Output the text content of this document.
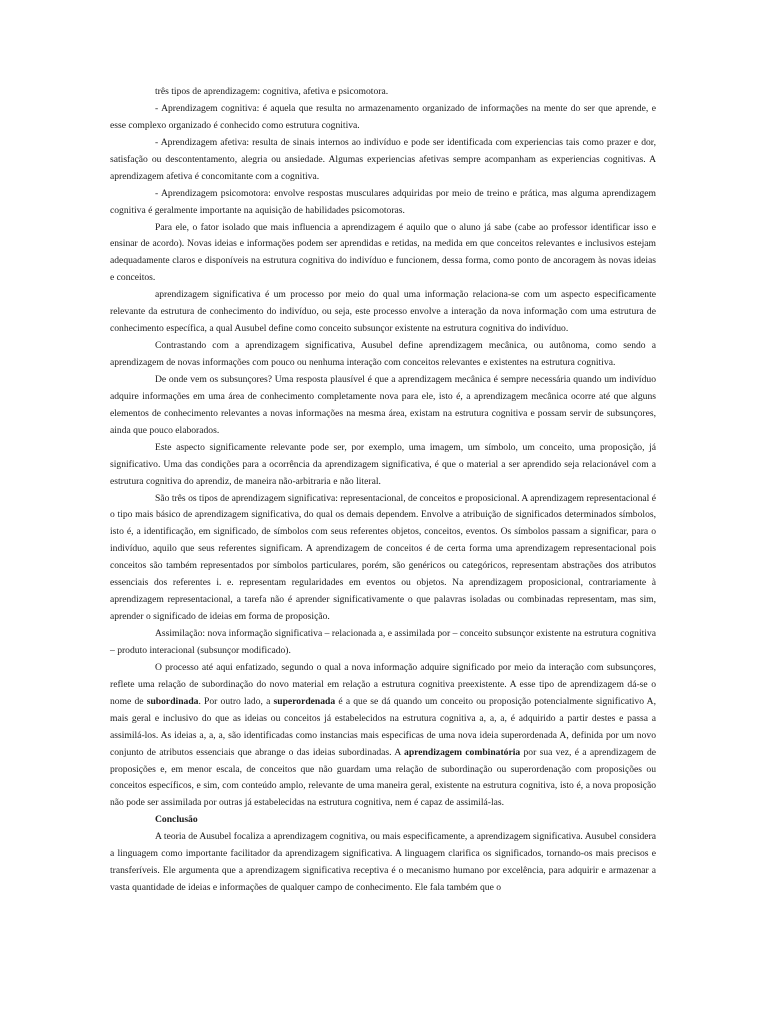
três tipos de aprendizagem: cognitiva, afetiva e psicomotora.

- Aprendizagem cognitiva: é aquela que resulta no armazenamento organizado de informações na mente do ser que aprende, e esse complexo organizado é conhecido como estrutura cognitiva.

- Aprendizagem afetiva: resulta de sinais internos ao indivíduo e pode ser identificada com experiencias tais como prazer e dor, satisfação ou descontentamento, alegria ou ansiedade. Algumas experiencias afetivas sempre acompanham as experiencias cognitivas. A aprendizagem afetiva é concomitante com a cognitiva.

- Aprendizagem psicomotora: envolve respostas musculares adquiridas por meio de treino e prática, mas alguma aprendizagem cognitiva é geralmente importante na aquisição de habilidades psicomotoras.

Para ele, o fator isolado que mais influencia a aprendizagem é aquilo que o aluno já sabe (cabe ao professor identificar isso e ensinar de acordo). Novas ideias e informações podem ser aprendidas e retidas, na medida em que conceitos relevantes e inclusivos estejam adequadamente claros e disponíveis na estrutura cognitiva do indivíduo e funcionem, dessa forma, como ponto de ancoragem às novas ideias e conceitos.

aprendizagem significativa é um processo por meio do qual uma informação relaciona-se com um aspecto especificamente relevante da estrutura de conhecimento do indivíduo, ou seja, este processo envolve a interação da nova informação com uma estrutura de conhecimento específica, a qual Ausubel define como conceito subsunçor existente na estrutura cognitiva do indivíduo.

Contrastando com a aprendizagem significativa, Ausubel define aprendizagem mecânica, ou autônoma, como sendo a aprendizagem de novas informações com pouco ou nenhuma interação com conceitos relevantes e existentes na estrutura cognitiva.

De onde vem os subsunçores? Uma resposta plausível é que a aprendizagem mecânica é sempre necessária quando um indivíduo adquire informações em uma área de conhecimento completamente nova para ele, isto é, a aprendizagem mecânica ocorre até que alguns elementos de conhecimento relevantes a novas informações na mesma área, existam na estrutura cognitiva e possam servir de subsunçores, ainda que pouco elaborados.

Este aspecto significamente relevante pode ser, por exemplo, uma imagem, um símbolo, um conceito, uma proposição, já significativo. Uma das condições para a ocorrência da aprendizagem significativa, é que o material a ser aprendido seja relacionável com a estrutura cognitiva do aprendiz, de maneira não-arbitraria e não literal.

São três os tipos de aprendizagem significativa: representacional, de conceitos e proposicional. A aprendizagem representacional é o tipo mais básico de aprendizagem significativa, do qual os demais dependem. Envolve a atribuição de significados determinados símbolos, isto é, a identificação, em significado, de símbolos com seus referentes objetos, conceitos, eventos. Os símbolos passam a significar, para o indivíduo, aquilo que seus referentes significam. A aprendizagem de conceitos é de certa forma uma aprendizagem representacional pois conceitos são também representados por símbolos particulares, porém, são genéricos ou categóricos, representam abstrações dos atributos essenciais dos referentes i. e. representam regularidades em eventos ou objetos. Na aprendizagem proposicional, contrariamente à aprendizagem representacional, a tarefa não é aprender significativamente o que palavras isoladas ou combinadas representam, mas sim, aprender o significado de ideias em forma de proposição.

Assimilação: nova informação significativa – relacionada a, e assimilada por – conceito subsunçor existente na estrutura cognitiva – produto interacional (subsunçor modificado).

O processo até aqui enfatizado, segundo o qual a nova informação adquire significado por meio da interação com subsunçores, reflete uma relação de subordinação do novo material em relação a estrutura cognitiva preexistente. A esse tipo de aprendizagem dá-se o nome de subordinada. Por outro lado, a superordenada é a que se dá quando um conceito ou proposição potencialmente significativo A, mais geral e inclusivo do que as ideias ou conceitos já estabelecidos na estrutura cognitiva a, a, a, é adquirido a partir destes e passa a assimilá-los. As ideias a, a, a, são identificadas como instancias mais especificas de uma nova ideia superordenada A, definida por um novo conjunto de atributos essenciais que abrange o das ideias subordinadas. A aprendizagem combinatória por sua vez, é a aprendizagem de proposições e, em menor escala, de conceitos que não guardam uma relação de subordinação ou superordenação com proposições ou conceitos específicos, e sim, com conteúdo amplo, relevante de uma maneira geral, existente na estrutura cognitiva, isto é, a nova proposição não pode ser assimilada por outras já estabelecidas na estrutura cognitiva, nem é capaz de assimilá-las.

Conclusão

A teoria de Ausubel focaliza a aprendizagem cognitiva, ou mais especificamente, a aprendizagem significativa. Ausubel considera a linguagem como importante facilitador da aprendizagem significativa. A linguagem clarifica os significados, tornando-os mais precisos e transferíveis. Ele argumenta que a aprendizagem significativa receptiva é o mecanismo humano por excelência, para adquirir e armazenar a vasta quantidade de ideias e informações de qualquer campo de conhecimento. Ele fala também que o
